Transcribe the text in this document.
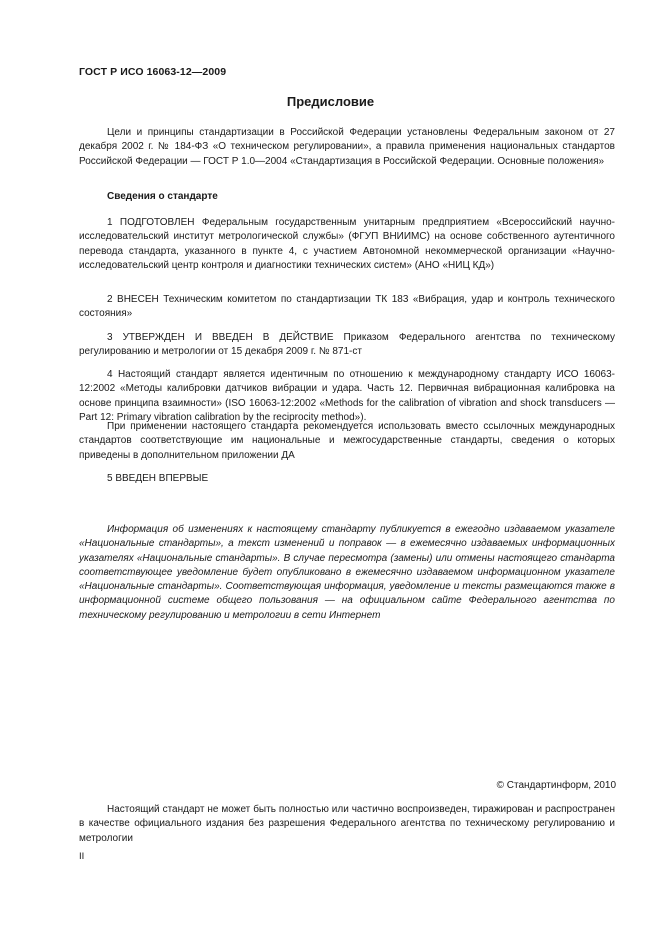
ГОСТ Р ИСО 16063-12—2009
Предисловие

Цели и принципы стандартизации в Российской Федерации установлены Федеральным законом от 27 декабря 2002 г. № 184-ФЗ «О техническом регулировании», а правила применения национальных стандартов Российской Федерации — ГОСТ Р 1.0—2004 «Стандартизация в Российской Федерации. Основные положения»

Сведения о стандарте

1 ПОДГОТОВЛЕН Федеральным государственным унитарным предприятием «Всероссийский научно-исследовательский институт метрологической службы» (ФГУП ВНИИМС) на основе собственного аутентичного перевода стандарта, указанного в пункте 4, с участием Автономной некоммерческой организации «Научно-исследовательский центр контроля и диагностики технических систем» (АНО «НИЦ КД»)

2 ВНЕСЕН Техническим комитетом по стандартизации ТК 183 «Вибрация, удар и контроль технического состояния»

3 УТВЕРЖДЕН И ВВЕДЕН В ДЕЙСТВИЕ Приказом Федерального агентства по техническому регулированию и метрологии от 15 декабря 2009 г. № 871-ст

4 Настоящий стандарт является идентичным по отношению к международному стандарту ИСО 16063-12:2002 «Методы калибровки датчиков вибрации и удара. Часть 12. Первичная вибрационная калибровка на основе принципа взаимности» (ISO 16063-12:2002 «Methods for the calibration of vibration and shock transducers — Part 12: Primary vibration calibration by the reciprocity method»).

При применении настоящего стандарта рекомендуется использовать вместо ссылочных международных стандартов соответствующие им национальные и межгосударственные стандарты, сведения о которых приведены в дополнительном приложении ДА

5 ВВЕДЕН ВПЕРВЫЕ

Информация об изменениях к настоящему стандарту публикуется в ежегодно издаваемом указателе «Национальные стандарты», а текст изменений и поправок — в ежемесячно издаваемых информационных указателях «Национальные стандарты». В случае пересмотра (замены) или отмены настоящего стандарта соответствующее уведомление будет опубликовано в ежемесячно издаваемом информационном указателе «Национальные стандарты». Соответствующая информация, уведомление и тексты размещаются также в информационной системе общего пользования — на официальном сайте Федерального агентства по техническому регулированию и метрологии в сети Интернет

© Стандартинформ, 2010

Настоящий стандарт не может быть полностью или частично воспроизведен, тиражирован и распространен в качестве официального издания без разрешения Федерального агентства по техническому регулированию и метрологии

II
